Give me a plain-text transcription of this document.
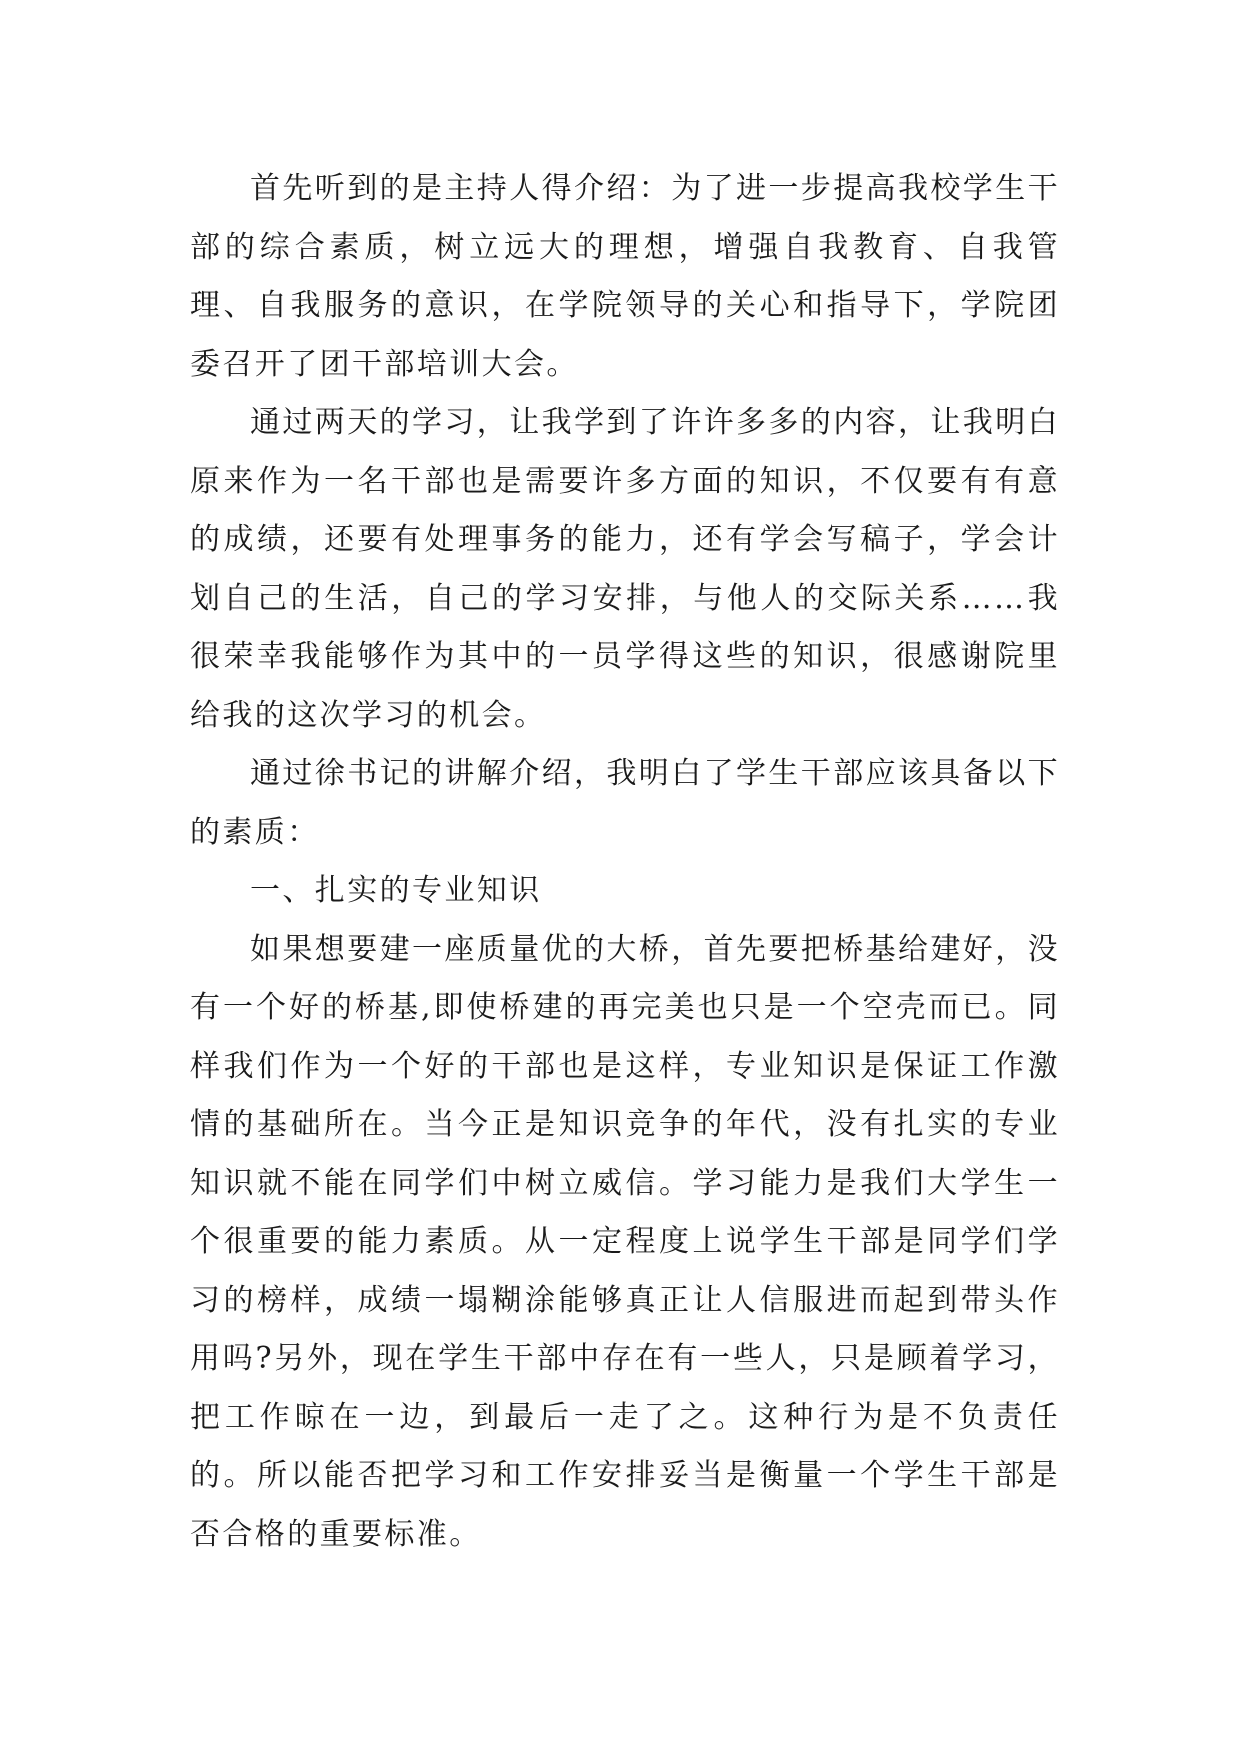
首先听到的是主持人得介绍：为了进一步提高我校学生干部的综合素质，树立远大的理想，增强自我教育、自我管理、自我服务的意识，在学院领导的关心和指导下，学院团委召开了团干部培训大会。

通过两天的学习，让我学到了许许多多的内容，让我明白原来作为一名干部也是需要许多方面的知识，不仅要有有意的成绩，还要有处理事务的能力，还有学会写稿子，学会计划自己的生活，自己的学习安排，与他人的交际关系……我很荣幸我能够作为其中的一员学得这些的知识，很感谢院里给我的这次学习的机会。

通过徐书记的讲解介绍，我明白了学生干部应该具备以下的素质：

一、扎实的专业知识

如果想要建一座质量优的大桥，首先要把桥基给建好，没有一个好的桥基,即使桥建的再完美也只是一个空壳而已。同样我们作为一个好的干部也是这样，专业知识是保证工作激情的基础所在。当今正是知识竞争的年代，没有扎实的专业知识就不能在同学们中树立威信。学习能力是我们大学生一个很重要的能力素质。从一定程度上说学生干部是同学们学习的榜样，成绩一塌糊涂能够真正让人信服进而起到带头作用吗?另外，现在学生干部中存在有一些人，只是顾着学习，把工作晾在一边，到最后一走了之。这种行为是不负责任的。所以能否把学习和工作安排妥当是衡量一个学生干部是否合格的重要标准。
